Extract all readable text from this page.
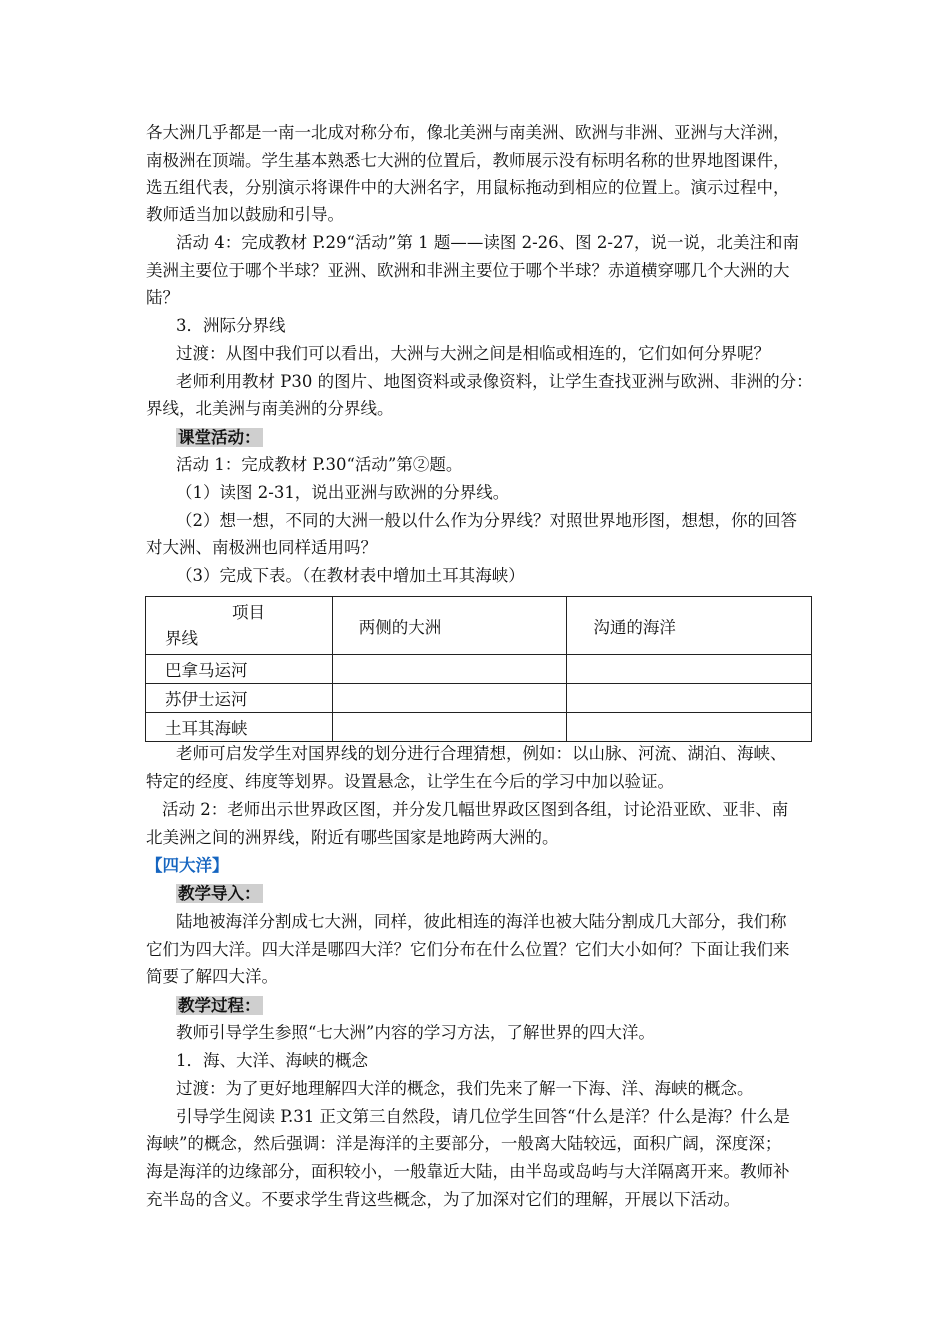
各大洲几乎都是一南一北成对称分布，像北美洲与南美洲、欧洲与非洲、亚洲与大洋洲，
南极洲在顶端。学生基本熟悉七大洲的位置后，教师展示没有标明名称的世界地图课件，
选五组代表，分别演示将课件中的大洲名字，用鼠标拖动到相应的位置上。演示过程中，
教师适当加以鼓励和引导。
活动 4：完成教材 P.29“活动”第 1 题——读图 2-26、图 2-27，说一说，北美注和南
美洲主要位于哪个半球？亚洲、欧洲和非洲主要位于哪个半球？赤道横穿哪几个大洲的大
陆？
3．洲际分界线
过渡：从图中我们可以看出，大洲与大洲之间是相临或相连的，它们如何分界呢？
老师利用教材 P30 的图片、地图资料或录像资料，让学生查找亚洲与欧洲、非洲的分：
界线，北美洲与南美洲的分界线。
课堂活动：
活动 1：完成教材 P.30“活动”第②题。
（1）读图 2-31，说出亚洲与欧洲的分界线。
（2）想一想，不同的大洲一般以什么作为分界线？对照世界地形图，想想，你的回答
对大洲、南极洲也同样适用吗？
（3）完成下表。（在教材表中增加土耳其海峡）
项目
界线	两侧的大洲	沟通的海洋
巴拿马运河		
苏伊士运河		
土耳其海峡		
老师可启发学生对国界线的划分进行合理猜想，例如：以山脉、河流、湖泊、海峡、
特定的经度、纬度等划界。设置悬念，让学生在今后的学习中加以验证。
活动 2：老师出示世界政区图，并分发几幅世界政区图到各组，讨论沿亚欧、亚非、南
北美洲之间的洲界线，附近有哪些国家是地跨两大洲的。
【四大洋】
教学导入：
陆地被海洋分割成七大洲，同样，彼此相连的海洋也被大陆分割成几大部分，我们称
它们为四大洋。四大洋是哪四大洋？它们分布在什么位置？它们大小如何？下面让我们来
简要了解四大洋。
教学过程：
教师引导学生参照“七大洲”内容的学习方法，了解世界的四大洋。
1．海、大洋、海峡的概念
过渡：为了更好地理解四大洋的概念，我们先来了解一下海、洋、海峡的概念。
引导学生阅读 P.31 正文第三自然段，请几位学生回答“什么是洋？什么是海？什么是
海峡”的概念，然后强调：洋是海洋的主要部分，一般离大陆较远，面积广阔，深度深；
海是海洋的边缘部分，面积较小，一般靠近大陆，由半岛或岛屿与大洋隔离开来。教师补
充半岛的含义。不要求学生背这些概念，为了加深对它们的理解，开展以下活动。
